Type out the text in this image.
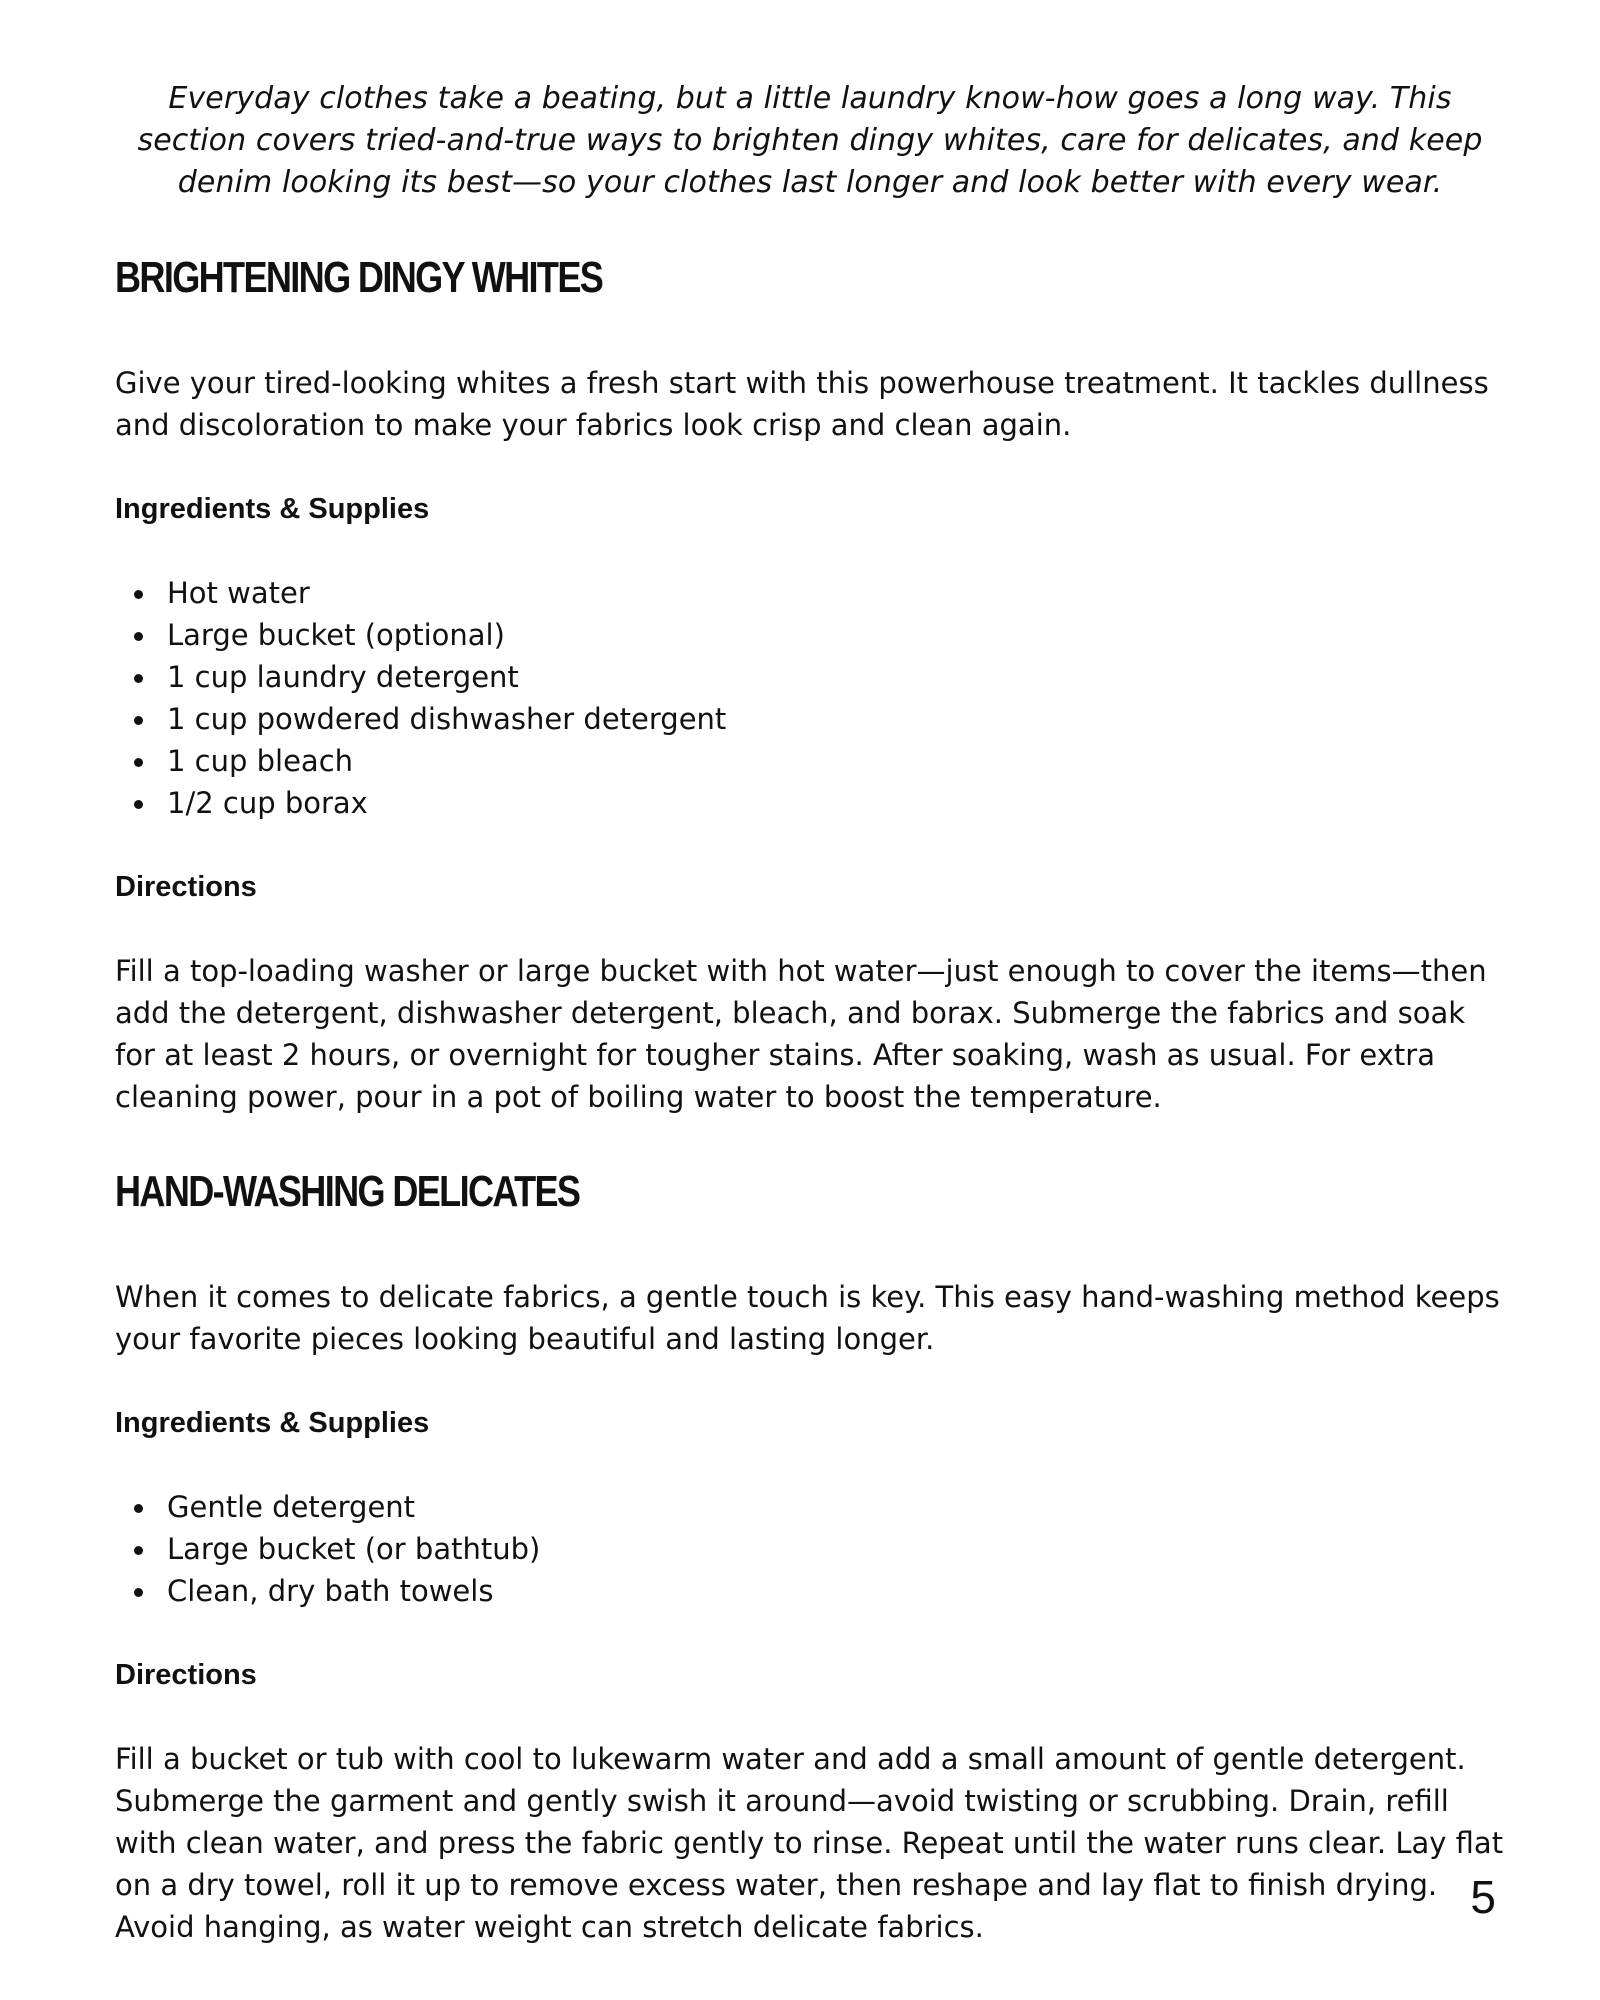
Everyday clothes take a beating, but a little laundry know-how goes a long way. This section covers tried-and-true ways to brighten dingy whites, care for delicates, and keep denim looking its best—so your clothes last longer and look better with every wear.

BRIGHTENING DINGY WHITES

Give your tired-looking whites a fresh start with this powerhouse treatment. It tackles dullness and discoloration to make your fabrics look crisp and clean again.

Ingredients & Supplies
Hot water
Large bucket (optional)
1 cup laundry detergent
1 cup powdered dishwasher detergent
1 cup bleach
1/2 cup borax
Directions

Fill a top-loading washer or large bucket with hot water—just enough to cover the items—then add the detergent, dishwasher detergent, bleach, and borax. Submerge the fabrics and soak for at least 2 hours, or overnight for tougher stains. After soaking, wash as usual. For extra cleaning power, pour in a pot of boiling water to boost the temperature.

HAND-WASHING DELICATES

When it comes to delicate fabrics, a gentle touch is key. This easy hand-washing method keeps your favorite pieces looking beautiful and lasting longer.

Ingredients & Supplies
Gentle detergent
Large bucket (or bathtub)
Clean, dry bath towels
Directions

Fill a bucket or tub with cool to lukewarm water and add a small amount of gentle detergent. Submerge the garment and gently swish it around—avoid twisting or scrubbing. Drain, refill with clean water, and press the fabric gently to rinse. Repeat until the water runs clear. Lay flat on a dry towel, roll it up to remove excess water, then reshape and lay flat to finish drying. Avoid hanging, as water weight can stretch delicate fabrics.

5
